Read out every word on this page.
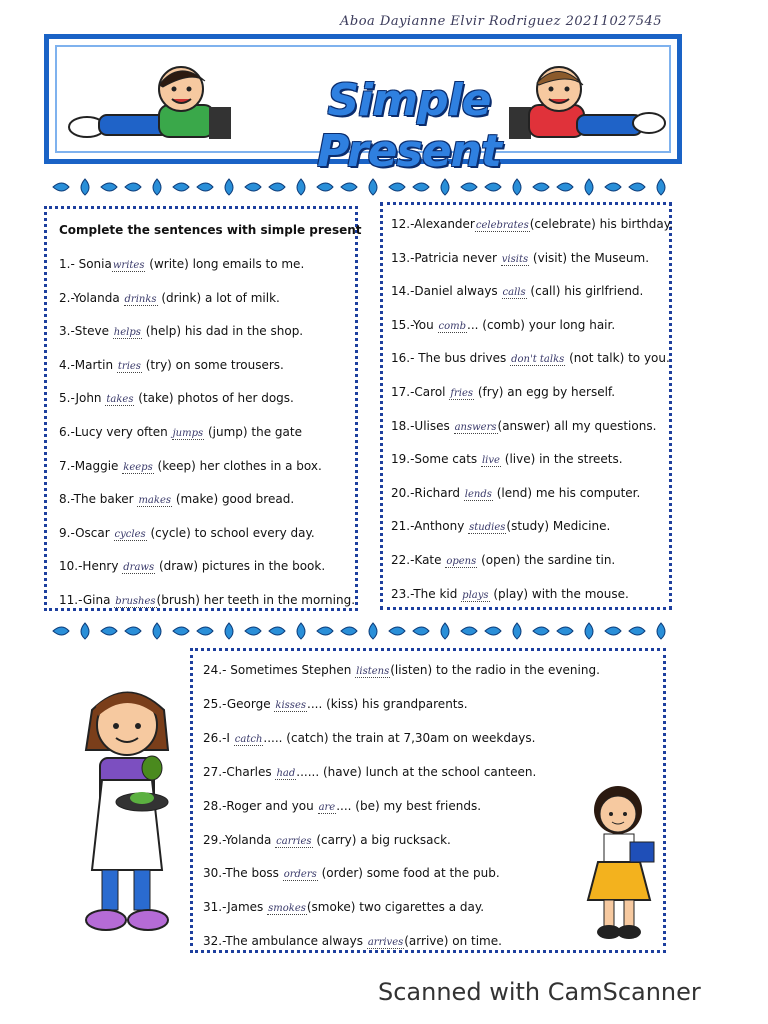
Aboa Dayianne Elvir Rodriguez 20211027545
Simple Present
Complete the sentences with simple present
1.- Soniawrites (write) long emails to me.
2.-Yolanda drinks (drink) a lot of milk.
3.-Steve helps (help) his dad in the shop.
4.-Martin tries (try) on some trousers.
5.-John takes (take) photos of her dogs.
6.-Lucy very often jumps (jump) the gate
7.-Maggie keeps (keep) her clothes in a box.
8.-The baker makes (make) good bread.
9.-Oscar cycles (cycle) to school every day.
10.-Henry draws (draw) pictures in the book.
11.-Gina brushes(brush) her teeth in the morning.
12.-Alexandercelebrates(celebrate) his birthday.
13.-Patricia never visits (visit) the Museum.
14.-Daniel always calls (call) his girlfriend.
15.-You comb... (comb) your long hair.
16.- The bus drives don't talks (not talk) to you.
17.-Carol fries (fry) an egg by herself.
18.-Ulises answers(answer) all my questions.
19.-Some cats live (live) in the streets.
20.-Richard lends (lend) me his computer.
21.-Anthony studies(study) Medicine.
22.-Kate opens (open) the sardine tin.
23.-The kid plays (play) with the mouse.
24.- Sometimes Stephen listens(listen) to the radio in the evening.
25.-George kisses.... (kiss) his grandparents.
26.-I catch..... (catch) the train at 7,30am on weekdays.
27.-Charles had...... (have) lunch at the school canteen.
28.-Roger and you are.... (be) my best friends.
29.-Yolanda carries (carry) a big rucksack.
30.-The boss orders (order) some food at the pub.
31.-James smokes(smoke) two cigarettes a day.
32.-The ambulance always arrives(arrive) on time.
Scanned with CamScanner
